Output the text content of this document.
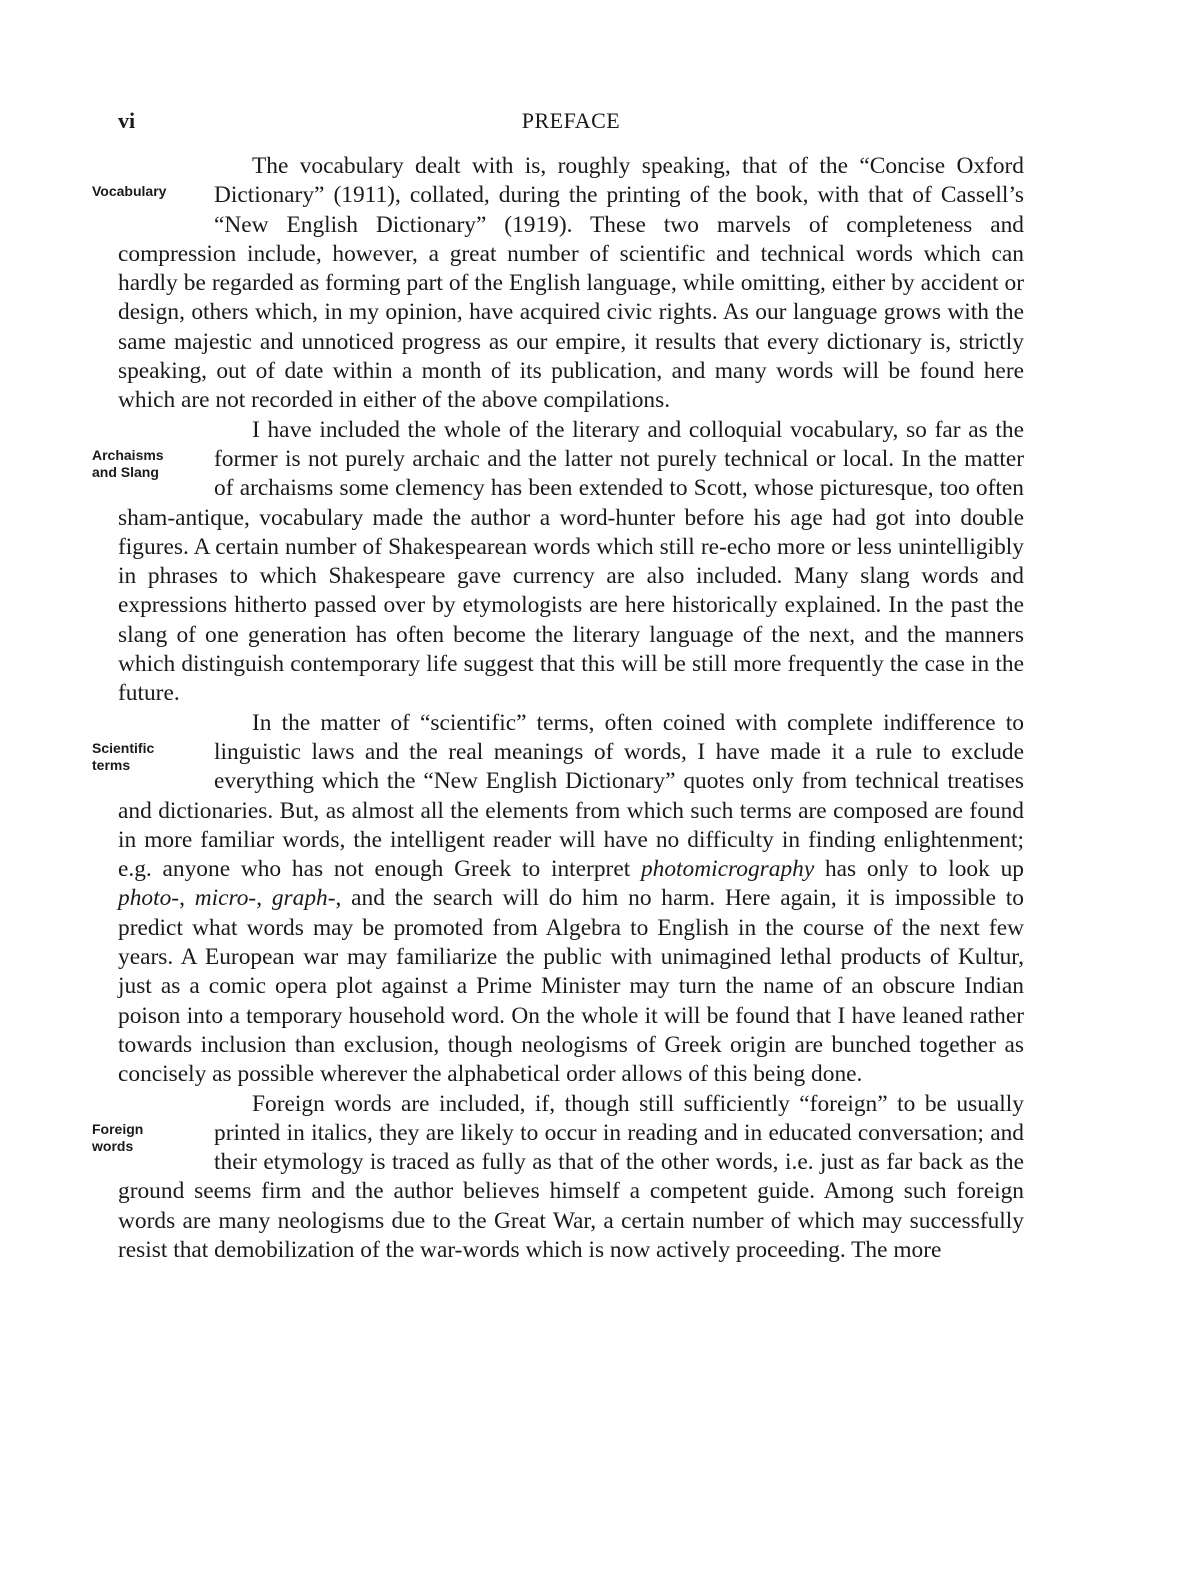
vi	PREFACE

Vocabulary
The vocabulary dealt with is, roughly speaking, that of the “Concise Oxford Dictionary” (1911), collated, during the printing of the book, with that of Cassell’s “New English Dictionary” (1919). These two marvels of completeness and compression include, however, a great number of scientific and technical words which can hardly be regarded as forming part of the English language, while omitting, either by accident or design, others which, in my opinion, have acquired civic rights. As our language grows with the same majestic and unnoticed progress as our empire, it results that every dictionary is, strictly speaking, out of date within a month of its publication, and many words will be found here which are not recorded in either of the above compilations.

Archaisms
and Slang
I have included the whole of the literary and colloquial vocabulary, so far as the former is not purely archaic and the latter not purely technical or local. In the matter of archaisms some clemency has been extended to Scott, whose picturesque, too often sham-antique, vocabulary made the author a word-hunter before his age had got into double figures. A certain number of Shakespearean words which still re-echo more or less unintelligibly in phrases to which Shakespeare gave currency are also included. Many slang words and expressions hitherto passed over by etymologists are here historically explained. In the past the slang of one generation has often become the literary language of the next, and the manners which distinguish contemporary life suggest that this will be still more frequently the case in the future.

Scientific
terms
In the matter of “scientific” terms, often coined with complete indifference to linguistic laws and the real meanings of words, I have made it a rule to exclude everything which the “New English Dictionary” quotes only from technical treatises and dictionaries. But, as almost all the elements from which such terms are composed are found in more familiar words, the intelligent reader will have no difficulty in finding enlightenment; e.g. anyone who has not enough Greek to interpret photomicrography has only to look up photo-, micro-, graph-, and the search will do him no harm. Here again, it is impossible to predict what words may be promoted from Algebra to English in the course of the next few years. A European war may familiarize the public with unimagined lethal products of Kultur, just as a comic opera plot against a Prime Minister may turn the name of an obscure Indian poison into a temporary household word. On the whole it will be found that I have leaned rather towards inclusion than exclusion, though neologisms of Greek origin are bunched together as concisely as possible wherever the alphabetical order allows of this being done.

Foreign
words
Foreign words are included, if, though still sufficiently “foreign” to be usually printed in italics, they are likely to occur in reading and in educated conversation; and their etymology is traced as fully as that of the other words, i.e. just as far back as the ground seems firm and the author believes himself a competent guide. Among such foreign words are many neologisms due to the Great War, a certain number of which may successfully resist that demobilization of the war-words which is now actively proceeding. The more
